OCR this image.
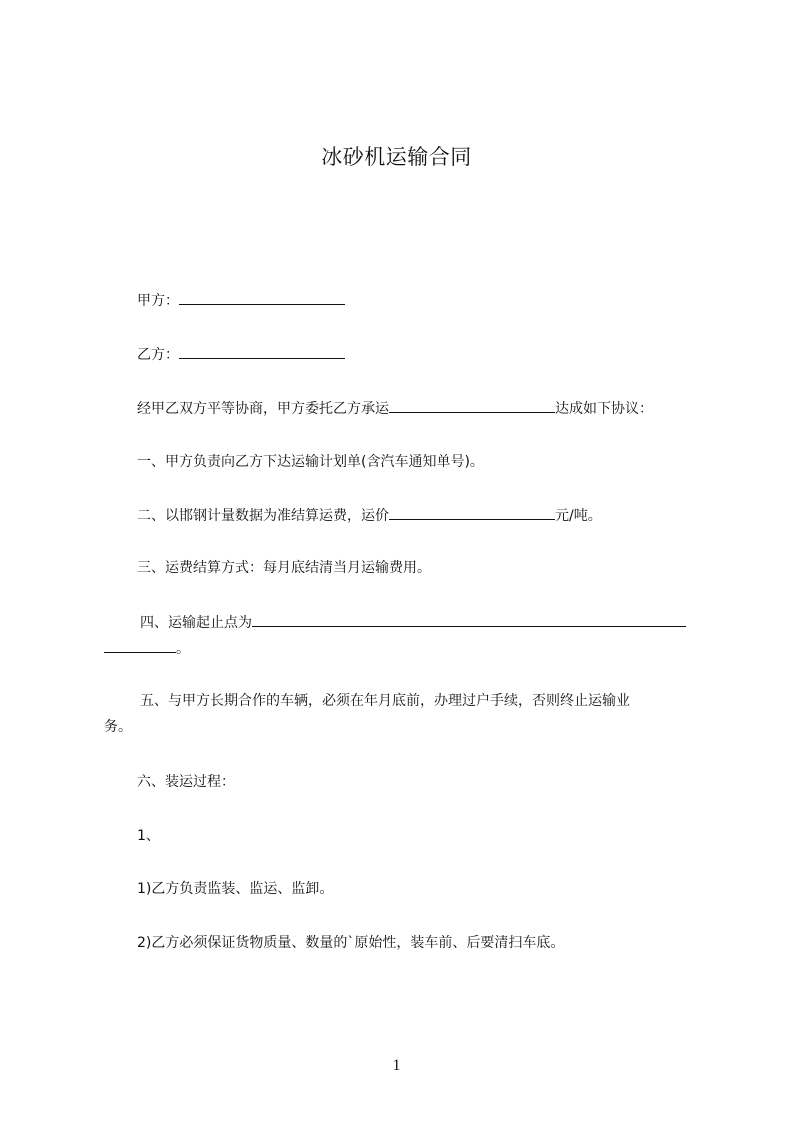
冰砂机运输合同
甲方：
乙方：
经甲乙双方平等协商，甲方委托乙方承运	达成如下协议：
一、甲方负责向乙方下达运输计划单(含汽车通知单号)。
二、以邯钢计量数据为准结算运费，运价	元/吨。
三、运费结算方式：每月底结清当月运输费用。
四、运输起止点为
。
五、与甲方长期合作的车辆，必须在年月底前，办理过户手续，否则终止运输业
务。
六、装运过程：
1、
1)乙方负责监装、监运、监卸。
2)乙方必须保证货物质量、数量的`原始性，装车前、后要清扫车底。
1
